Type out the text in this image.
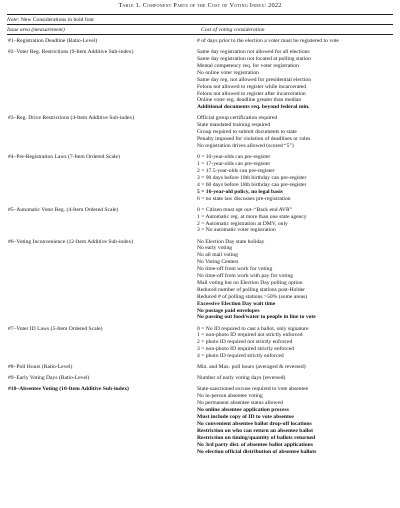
Table 1. Component Parts of the Cost of Voting Index: 2022
Note: New Considerations in bold font
Issue area (measurement)	Cost of voting consideration
#1–Registration Deadline (Ratio-Level)	# of days prior to the election a voter must be registered to vote
#2–Voter Reg. Restrictions (9-Item Additive Sub-index)	Same day registration not allowed for all elections
Same day registration not located at polling station
Mental competency req. for voter registration
No online voter registration
Same day reg. not allowed for presidential election
Felons not allowed to register while incarcerated
Felons not allowed to register after incarceration
Online voter reg. deadline greater than median
Additional documents req. beyond federal min.
#3–Reg. Drive Restrictions (4-Item Additive Sub-index)	Official group certification required
State mandated training required
Group required to submit documents to state
Penalty imposed for violation of deadlines or rules
No registration drives allowed (scored “5”)
#4–Pre-Registration Laws (7-Item Ordered Scale)	0 = 16-year-olds can pre-register
1 = 17-year-olds can pre-register
2 = 17.5-year-olds can pre-register
3 = 90 days before 18th birthday can pre-register
4 = 60 days before 18th birthday can pre-register
5 = 16-year-old policy, no legal basis
6 = no state law discusses pre-registration
#5–Automatic Voter Reg. (4-Item Ordered Scale)	0 = Citizen must opt out–“Back end AVR”
1 = Automatic reg. at more than one state agency
2 = Automatic registration at DMV, only
3 = No automatic voter registration
#6–Voting Inconvenience (12-Item Additive Sub-index)	No Election Day state holiday
No early voting
No all mail voting
No Voting Centers
No time-off from work for voting
No time-off from work with pay for voting
Mail voting but no Election Day polling option
Reduced number of polling stations post-Holder
Reduced # of polling stations >50% (some areas)
Excessive Election Day wait time
No postage paid envelopes
No passing out food/water to people in line to vote
#7–Voter ID Laws (5-Item Ordered Scale)	0 = No ID required to cast a ballot, only signature
1 = non-photo ID required not strictly enforced
2 = photo ID required not strictly enforced
3 = non-photo ID required strictly enforced
4 = photo ID required strictly enforced
#8–Poll Hours (Ratio-Level)	Min. and Max. poll hours (averaged & reversed)
#9–Early Voting Days (Ratio-Level)	Number of early voting days (reversed)
#10–Absentee Voting (10-Item Additive Sub-index)	State-sanctioned excuse required to vote absentee
No in-person absentee voting
No permanent absentee status allowed
No online absentee application process
Must include copy of ID to vote absentee
No convenient absentee ballot drop-off locations
Restriction on who can return an absentee ballot
Restriction on timing/quantity of ballots returned
No 3rd party dist. of absentee ballot applications
No election official distribution of absentee ballots
